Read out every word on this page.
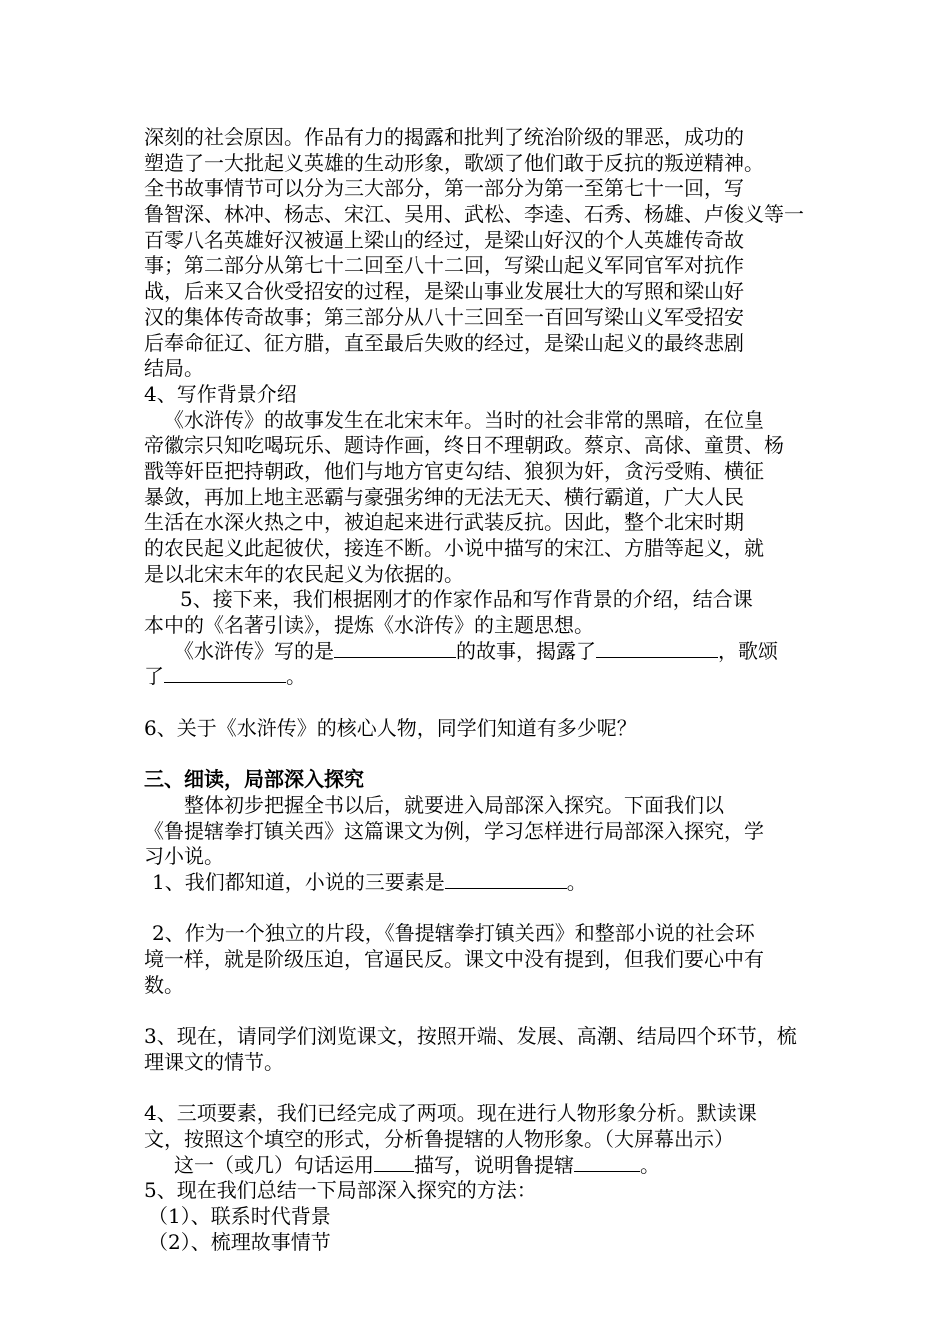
深刻的社会原因。作品有力的揭露和批判了统治阶级的罪恶，成功的
塑造了一大批起义英雄的生动形象，歌颂了他们敢于反抗的叛逆精神。
全书故事情节可以分为三大部分，第一部分为第一至第七十一回，写
鲁智深、林冲、杨志、宋江、吴用、武松、李逵、石秀、杨雄、卢俊义等一
百零八名英雄好汉被逼上梁山的经过，是梁山好汉的个人英雄传奇故
事；第二部分从第七十二回至八十二回，写梁山起义军同官军对抗作
战，后来又合伙受招安的过程，是梁山事业发展壮大的写照和梁山好
汉的集体传奇故事；第三部分从八十三回至一百回写梁山义军受招安
后奉命征辽、征方腊，直至最后失败的经过，是梁山起义的最终悲剧
结局。
4、写作背景介绍
《水浒传》的故事发生在北宋末年。当时的社会非常的黑暗，在位皇
帝徽宗只知吃喝玩乐、题诗作画，终日不理朝政。蔡京、高俅、童贯、杨
戬等奸臣把持朝政，他们与地方官吏勾结、狼狈为奸，贪污受贿、横征
暴敛，再加上地主恶霸与豪强劣绅的无法无天、横行霸道，广大人民
生活在水深火热之中，被迫起来进行武装反抗。因此，整个北宋时期
的农民起义此起彼伏，接连不断。小说中描写的宋江、方腊等起义，就
是以北宋末年的农民起义为依据的。
5、接下来，我们根据刚才的作家作品和写作背景的介绍，结合课
本中的《名著引读》，提炼《水浒传》的主题思想。
《水浒传》写的是	的故事，揭露了	，歌颂
了	。
6、关于《水浒传》的核心人物，同学们知道有多少呢？
三、细读，局部深入探究
整体初步把握全书以后，就要进入局部深入探究。下面我们以
《鲁提辖拳打镇关西》这篇课文为例，学习怎样进行局部深入探究，学
习小说。
1、我们都知道，小说的三要素是	。
2、作为一个独立的片段，《鲁提辖拳打镇关西》和整部小说的社会环
境一样，就是阶级压迫，官逼民反。课文中没有提到，但我们要心中有
数。
3、现在，请同学们浏览课文，按照开端、发展、高潮、结局四个环节，梳
理课文的情节。
4、三项要素，我们已经完成了两项。现在进行人物形象分析。默读课
文，按照这个填空的形式，分析鲁提辖的人物形象。（大屏幕出示）
这一（或几）句话运用 描写，说明鲁提辖	。
5、现在我们总结一下局部深入探究的方法：
（1）、联系时代背景
（2）、梳理故事情节
